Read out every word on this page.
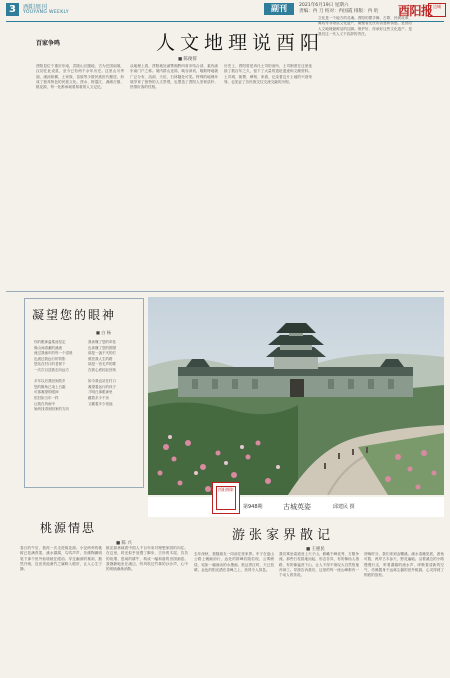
3	酉阳周刊
YOUYANG WEEKLY	副刊	2021年6月19日 星期六
责编：冉 刀 校对：冉国霞 排版：冉 珩	酉阳报 边城
百家争鸣	人文地理说酉阳
■ 陈俊蓉
酉阳县位于重庆东南，武陵山区腹地，古为巴国南境，汉初在此设县，至今已有两千余年历史。这里山川秀丽，溪河纵横，土家族、苗族等少数民族世代聚居，形成了独具特色的民族文化。酉水、阿蓬江、龚滩古镇、桃花源，每一处都承载着厚重的人文记忆。
从地理上看，酉阳地处渝鄂湘黔四省市结合部，素有渝东南门户之称。境内群山连绵，峡谷深切，喀斯特地貌广泛分布，溶洞、天坑、石林随处可见。特殊的地理环境孕育了独特的人文景观，也塑造了酉阳人坚韧质朴、热情好客的性格。
历史上，酉阳曾是冉氏土司的治所，土司制度在这里延续了数百年之久，留下了大量的遗址遗迹和文献资料。土司城、衙署、碑刻、家谱，记录着这片土地的兴衰荣辱，也见证了各民族交往交流交融的历程。
文化是一个地方的灵魂。酉阳的摆手舞、古歌、民间故事、傩戏等非物质文化遗产，凝聚着先民的智慧和情感，是酉阳人文地理最鲜活的注脚。保护好、传承好这些文化遗产，是我们这一代人义不容辞的责任。
凝望您的眼神
■ 白 杨
你的眼神温柔而坚定
像山间清澈的溪流
流过我童年的每一个清晨
也流过我远行的背影
您站在村口的老树下
一次次目送我走向远方

多年以后我回到故乡
您的鬓角已染上白霜
可那凝望的眼神
依旧如当年一样
让我在风雨中
始终找得到回家的方向
我读懂了您的牵挂
也读懂了您的期望
那是一盏不灭的灯
照亮我人生的路
那是一首无声的歌
在我心底轻轻回荡

如今我也站在村口
凝望着远行的孩子
才明白那眼神里
藏着多少不舍
又藏着多少祝福
酉阳摄影
第948期	古城英姿	邱建民 摄
桃源情思
■ 陈 兴
春日的午后，我再一次走进桃花源。小径两旁的桃树已挂满青果，溪水潺潺，鸟鸣声声，仿佛陶渊明笔下那个世外仙境就在眼前。穿过幽深的秦洞，豁然开朗，良田美池桑竹之属映入眼帘，让人心生宁静。
桃花源承载着中国人千百年来对理想家园的向往。在这里，时光似乎放慢了脚步，古朴的木屋、袅袅的炊烟、悠闲的耕牛，构成一幅和谐的田园画卷。我静静地坐在溪边，听风吹过竹林的沙沙声，心中的烦恼渐渐消散。
游张家界散记
■ 王惠民
去年深秋，我随朋友一同前往张家界。车子在盘山公路上蜿蜒前行，远处的群峰若隐若现，云雾缭绕，宛如一幅流动的水墨画。抵达景区时，天已放晴，金色的阳光洒在奇峰之上，美得令人屏息。
我们乘坐索道登上天子山，俯瞰千峰竞秀，万壑争流。那些石柱拔地而起，形态各异，有的像仙人指路，有的像猛虎下山，让人不得不惊叹大自然的鬼斧神工。导游告诉我们，这里的每一座山峰都有一个动人的传说。
傍晚时分，我们来到金鞭溪。溪水清澈见底，游鱼可数，两岸古木参天，野花遍地。沿着溪边的小路慢慢行走，听着潺潺的流水声，呼吸着清新的空气，仿佛置身于远离尘嚣的世外桃源，心灵得到了彻底的放松。
